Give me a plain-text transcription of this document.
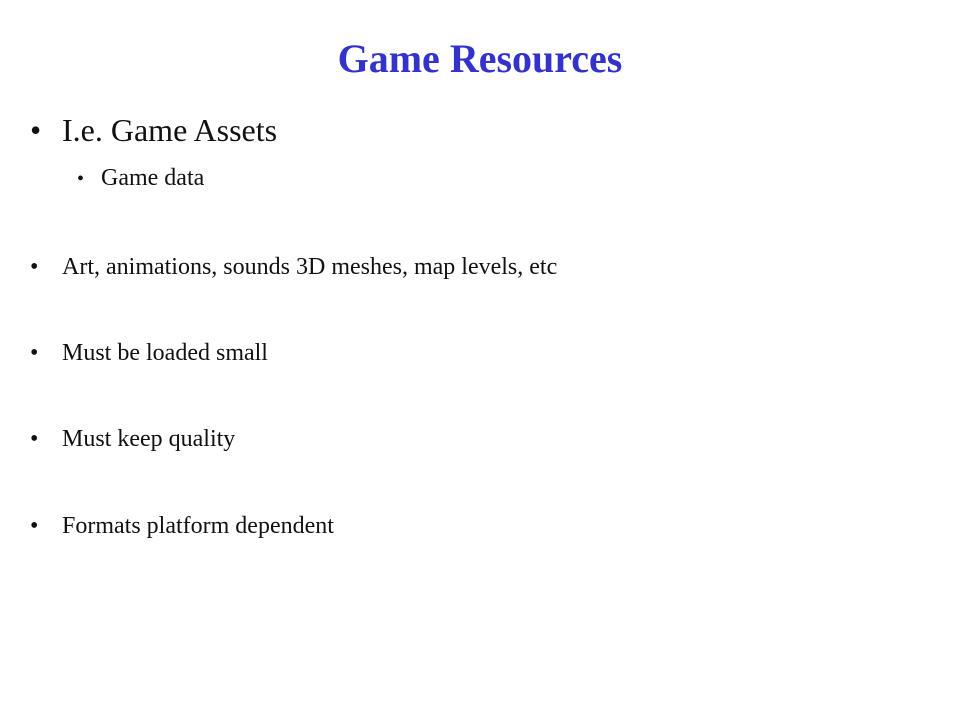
Game Resources
• I.e. Game Assets
• Game data
• Art, animations, sounds 3D meshes, map levels, etc
• Must be loaded small
• Must keep quality
• Formats platform dependent
